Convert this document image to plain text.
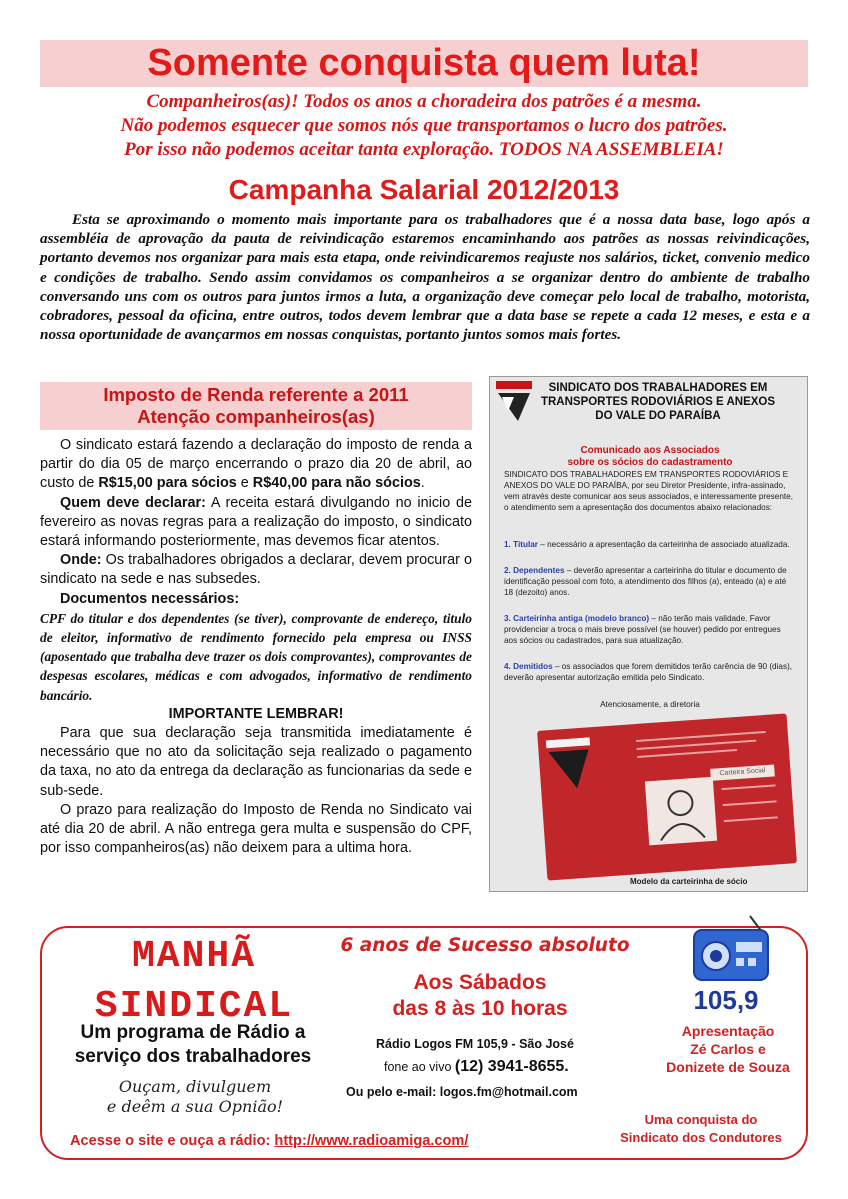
Somente conquista quem luta!
Companheiros(as)! Todos os anos a choradeira dos patrões é a mesma.
Não podemos esquecer que somos nós que transportamos o lucro dos patrões.
Por isso não podemos aceitar tanta exploração. TODOS NA ASSEMBLEIA!
Campanha Salarial 2012/2013
Esta se aproximando o momento mais importante para os trabalhadores que é a nossa data base, logo após a assembléia de aprovação da pauta de reivindicação estaremos encaminhando aos patrões as nossas reivindicações, portanto devemos nos organizar para mais esta etapa, onde reivindicaremos reajuste nos salários, ticket, convenio medico e condições de trabalho. Sendo assim convidamos os companheiros a se organizar dentro do ambiente de trabalho conversando uns com os outros para juntos irmos a luta, a organização deve começar pelo local de trabalho, motorista, cobradores, pessoal da oficina, entre outros, todos devem lembrar que a data base se repete a cada 12 meses, e esta e a nossa oportunidade de avançarmos em nossas conquistas, portanto juntos somos mais fortes.
Imposto de Renda referente a 2011
Atenção companheiros(as)

O sindicato estará fazendo a declaração do imposto de renda a partir do dia 05 de março encerrando o prazo dia 20 de abril, ao custo de R$15,00 para sócios e R$40,00 para não sócios.

Quem deve declarar: A receita estará divulgando no inicio de fevereiro as novas regras para a realização do imposto, o sindicato estará informando posteriormente, mas devemos ficar atentos.

Onde: Os trabalhadores obrigados a declarar, devem procurar o sindicato na sede e nas subsedes.

Documentos necessários:

CPF do titular e dos dependentes (se tiver), comprovante de endereço, titulo de eleitor, informativo de rendimento fornecido pela empresa ou INSS (aposentado que trabalha deve trazer os dois comprovantes), comprovantes de despesas escolares, médicas e com advogados, informativo de rendimento bancário.

IMPORTANTE LEMBRAR!

Para que sua declaração seja transmitida imediatamente é necessário que no ato da solicitação seja realizado o pagamento da taxa, no ato da entrega da declaração as funcionarias da sede e sub-sede.

O prazo para realização do Imposto de Renda no Sindicato vai até dia 20 de abril. A não entrega gera multa e suspensão do CPF, por isso companheiros(as) não deixem para a ultima hora.

SINDICATO DOS TRABALHADORES EM TRANSPORTES RODOVIÁRIOS E ANEXOS DO VALE DO PARAÍBA
Comunicado aos Associados
sobre os sócios do cadastramento
SINDICATO DOS TRABALHADORES EM TRANSPORTES RODOVIÁRIOS E ANEXOS DO VALE DO PARAÍBA, por seu Diretor Presidente, infra-assinado, vem através deste comunicar aos seus associados, e interessamente presente, o atendimento sem a apresentação dos documentos abaixo relacionados:
1. Titular – necessário a apresentação da carteirinha de associado atualizada.
2. Dependentes – deverão apresentar a carteirinha do titular e documento de identificação pessoal com foto, a atendimento dos filhos (a), enteado (a) e até 18 (dezoito) anos.
3. Carteirinha antiga (modelo branco) – não terão mais validade. Favor providenciar a troca o mais breve possível (se houver) pedido por entregues aos sócios ou cadastrados, para sua atualização.
4. Demitidos – os associados que forem demitidos terão carência de 90 (dias), deverão apresentar autorização emitida pelo Sindicato.
Atenciosamente, a diretoria
Carteira Social
Modelo da carteirinha de sócio
MANHÃ
SINDICAL
Um programa de Rádio a
serviço dos trabalhadores
Ouçam, divulguem
e deêm a sua Opnião!
6 anos de Sucesso absoluto
Aos Sábados
das 8 às 10 horas
Rádio Logos FM 105,9 - São José
fone ao vivo (12) 3941-8655.
Ou pelo e-mail: logos.fm@hotmail.com
105,9
Apresentação
Zé Carlos e
Donizete de Souza
Uma conquista do
Sindicato dos Condutores
Acesse o site e ouça a rádio: http://www.radioamiga.com/
